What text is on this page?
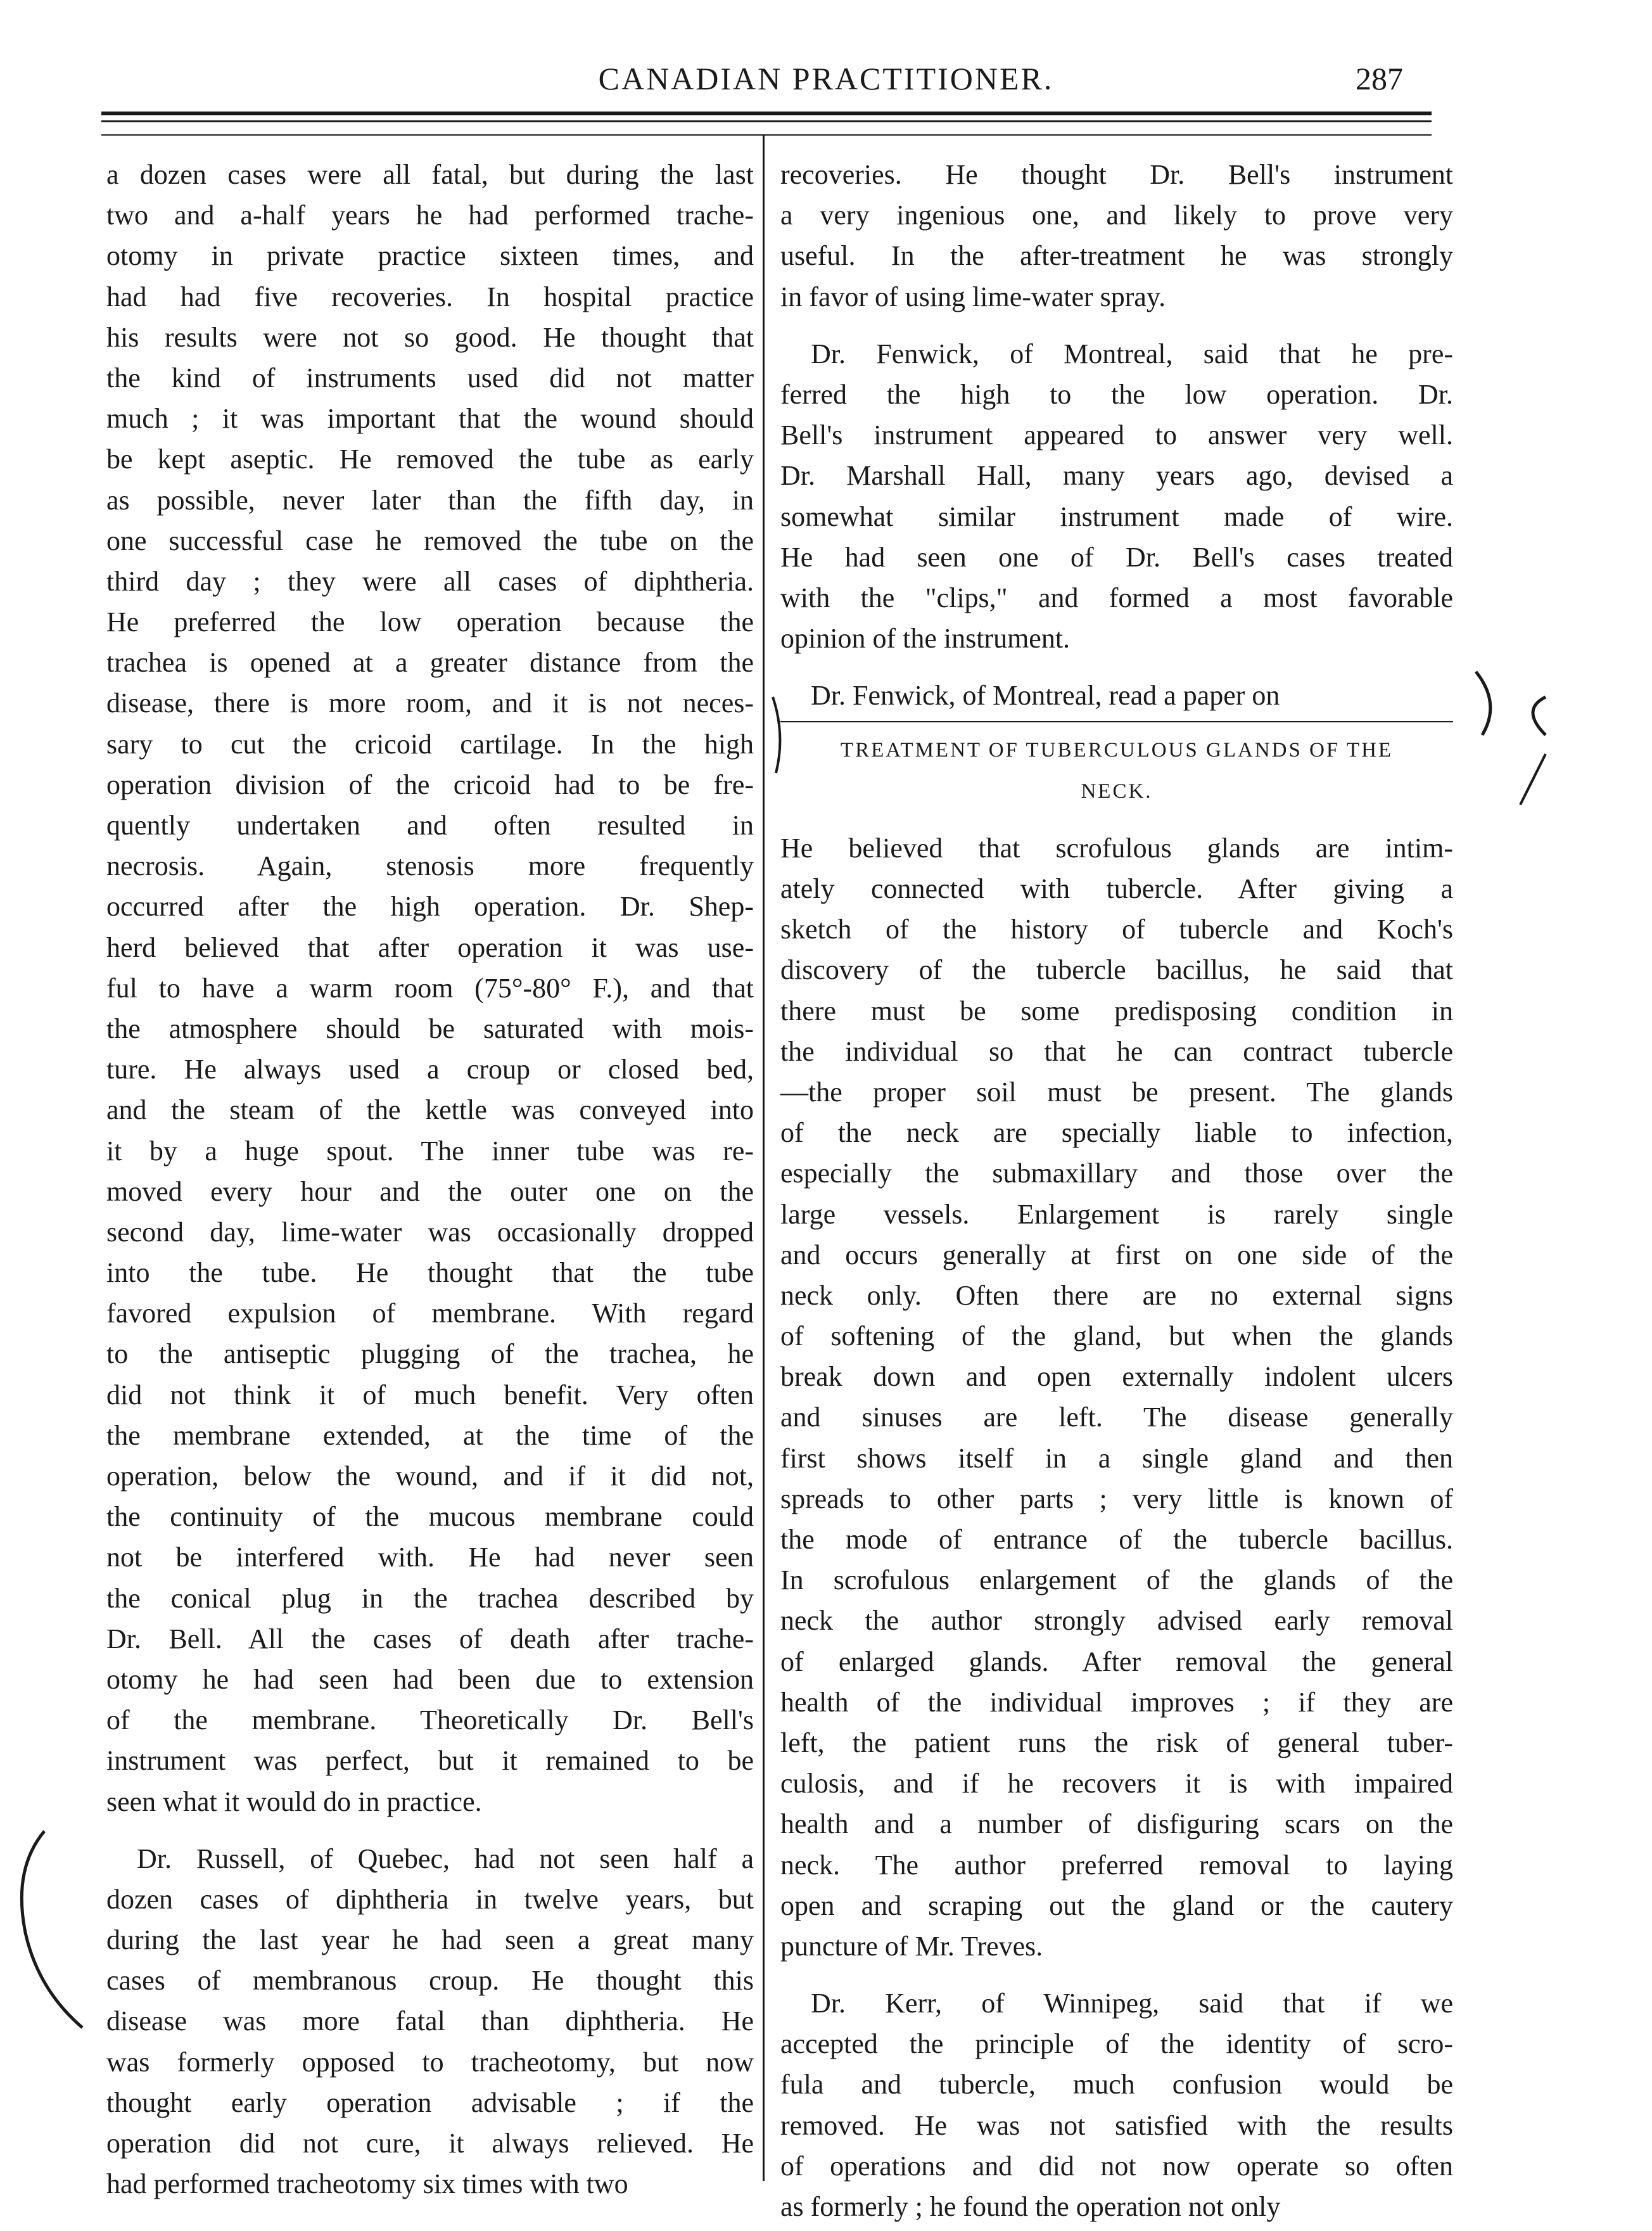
CANADIAN PRACTITIONER.	287
a dozen cases were all fatal, but during the last
two and a-half years he had performed trache-
otomy in private practice sixteen times, and
had had five recoveries. In hospital practice
his results were not so good. He thought that
the kind of instruments used did not matter
much ; it was important that the wound should
be kept aseptic. He removed the tube as early
as possible, never later than the fifth day, in
one successful case he removed the tube on the
third day ; they were all cases of diphtheria.
He preferred the low operation because the
trachea is opened at a greater distance from the
disease, there is more room, and it is not neces-
sary to cut the cricoid cartilage. In the high
operation division of the cricoid had to be fre-
quently undertaken and often resulted in
necrosis. Again, stenosis more frequently
occurred after the high operation. Dr. Shep-
herd believed that after operation it was use-
ful to have a warm room (75°-80° F.), and that
the atmosphere should be saturated with mois-
ture. He always used a croup or closed bed,
and the steam of the kettle was conveyed into
it by a huge spout. The inner tube was re-
moved every hour and the outer one on the
second day, lime-water was occasionally dropped
into the tube. He thought that the tube
favored expulsion of membrane. With regard
to the antiseptic plugging of the trachea, he
did not think it of much benefit. Very often
the membrane extended, at the time of the
operation, below the wound, and if it did not,
the continuity of the mucous membrane could
not be interfered with. He had never seen
the conical plug in the trachea described by
Dr. Bell. All the cases of death after trache-
otomy he had seen had been due to extension
of the membrane. Theoretically Dr. Bell's
instrument was perfect, but it remained to be
seen what it would do in practice.
Dr. Russell, of Quebec, had not seen half a
dozen cases of diphtheria in twelve years, but
during the last year he had seen a great many
cases of membranous croup. He thought this
disease was more fatal than diphtheria. He
was formerly opposed to tracheotomy, but now
thought early operation advisable ; if the
operation did not cure, it always relieved. He
had performed tracheotomy six times with two
recoveries. He thought Dr. Bell's instrument
a very ingenious one, and likely to prove very
useful. In the after-treatment he was strongly
in favor of using lime-water spray.
Dr. Fenwick, of Montreal, said that he pre-
ferred the high to the low operation. Dr.
Bell's instrument appeared to answer very well.
Dr. Marshall Hall, many years ago, devised a
somewhat similar instrument made of wire.
He had seen one of Dr. Bell's cases treated
with the "clips," and formed a most favorable
opinion of the instrument.
Dr. Fenwick, of Montreal, read a paper on
TREATMENT OF TUBERCULOUS GLANDS OF THE
NECK.
He believed that scrofulous glands are intim-
ately connected with tubercle. After giving a
sketch of the history of tubercle and Koch's
discovery of the tubercle bacillus, he said that
there must be some predisposing condition in
the individual so that he can contract tubercle
—the proper soil must be present. The glands
of the neck are specially liable to infection,
especially the submaxillary and those over the
large vessels. Enlargement is rarely single
and occurs generally at first on one side of the
neck only. Often there are no external signs
of softening of the gland, but when the glands
break down and open externally indolent ulcers
and sinuses are left. The disease generally
first shows itself in a single gland and then
spreads to other parts ; very little is known of
the mode of entrance of the tubercle bacillus.
In scrofulous enlargement of the glands of the
neck the author strongly advised early removal
of enlarged glands. After removal the general
health of the individual improves ; if they are
left, the patient runs the risk of general tuber-
culosis, and if he recovers it is with impaired
health and a number of disfiguring scars on the
neck. The author preferred removal to laying
open and scraping out the gland or the cautery
puncture of Mr. Treves.
Dr. Kerr, of Winnipeg, said that if we
accepted the principle of the identity of scro-
fula and tubercle, much confusion would be
removed. He was not satisfied with the results
of operations and did not now operate so often
as formerly ; he found the operation not only
